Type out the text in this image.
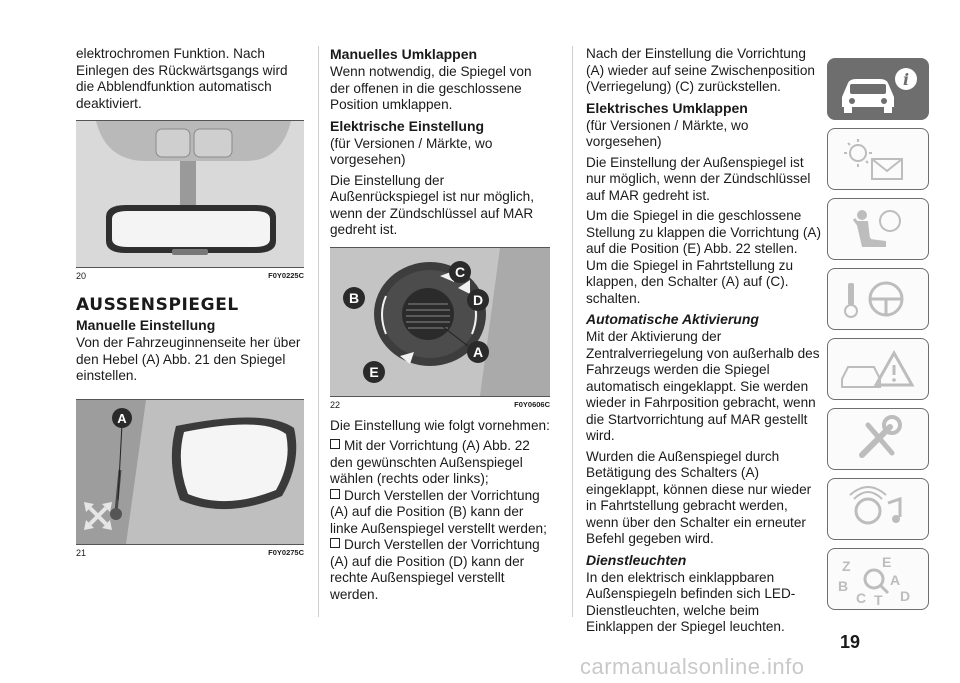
elektrochromen Funktion. Nach Einlegen des Rückwärtsgangs wird die Abblendfunktion automatisch deaktiviert.

20	F0Y0225C
AUSSENSPIEGEL
Manuelle Einstellung

Von der Fahrzeuginnenseite her über den Hebel (A) Abb. 21 den Spiegel einstellen.

A
21	F0Y0275C
Manuelles Umklappen

Wenn notwendig, die Spiegel von der offenen in die geschlossene Position umklappen.

Elektrische Einstellung

(für Versionen / Märkte, wo vorgesehen)

Die Einstellung der Außenrückspiegel ist nur möglich, wenn der Zündschlüssel auf MAR gedreht ist.

C
D
B
A
E
22	F0Y0606C

Die Einstellung wie folgt vornehmen:

Mit der Vorrichtung (A) Abb. 22 den gewünschten Außenspiegel wählen (rechts oder links);
Durch Verstellen der Vorrichtung (A) auf die Position (B) kann der linke Außenspiegel verstellt werden;
Durch Verstellen der Vorrichtung (A) auf die Position (D) kann der rechte Außenspiegel verstellt werden.

Nach der Einstellung die Vorrichtung (A) wieder auf seine Zwischenposition (Verriegelung) (C) zurückstellen.

Elektrisches Umklappen

(für Versionen / Märkte, wo vorgesehen)

Die Einstellung der Außenspiegel ist nur möglich, wenn der Zündschlüssel auf MAR gedreht ist.

Um die Spiegel in die geschlossene Stellung zu klappen die Vorrichtung (A) auf die Position (E) Abb. 22 stellen. Um die Spiegel in Fahrtstellung zu klappen, den Schalter (A) auf (C). schalten.

Automatische Aktivierung

Mit der Aktivierung der Zentralverriegelung von außerhalb des Fahrzeugs werden die Spiegel automatisch eingeklappt. Sie werden wieder in Fahrposition gebracht, wenn die Startvorrichtung auf MAR gestellt wird.

Wurden die Außenspiegel durch Betätigung des Schalters (A) eingeklappt, können diese nur wieder in Fahrtstellung gebracht werden, wenn über den Schalter ein erneuter Befehl gegeben wird.

Dienstleuchten

In den elektrisch einklappbaren Außenspiegeln befinden sich LED-Dienstleuchten, welche beim Einklappen der Spiegel leuchten.

i
Z E
A
B
C T D
19
carmanualsonline.info
